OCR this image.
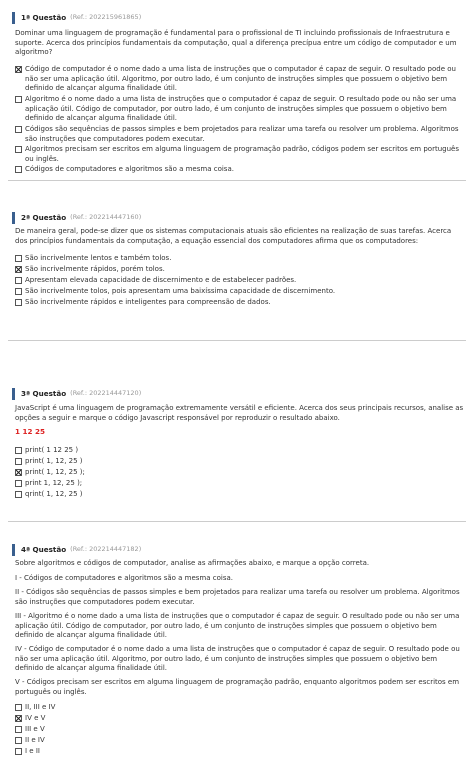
1ª Questão (Ref.: 202215961865)
Dominar uma linguagem de programação é fundamental para o profissional de TI incluindo profissionais de Infraestrutura e suporte. Acerca dos princípios fundamentais da computação, qual a diferença precípua entre um código de computador e um algoritmo?
Código de computador é o nome dado a uma lista de instruções que o computador é capaz de seguir. O resultado pode ou não ser uma aplicação útil. Algoritmo, por outro lado, é um conjunto de instruções simples que possuem o objetivo bem definido de alcançar alguma finalidade útil.
Algoritmo é o nome dado a uma lista de instruções que o computador é capaz de seguir. O resultado pode ou não ser uma aplicação útil. Código de computador, por outro lado, é um conjunto de instruções simples que possuem o objetivo bem definido de alcançar alguma finalidade útil.
Códigos são sequências de passos simples e bem projetados para realizar uma tarefa ou resolver um problema. Algoritmos são instruções que computadores podem executar.
Algoritmos precisam ser escritos em alguma linguagem de programação padrão, códigos podem ser escritos em português ou inglês.
Códigos de computadores e algoritmos são a mesma coisa.
2ª Questão (Ref.: 202214447160)
De maneira geral, pode-se dizer que os sistemas computacionais atuais são eficientes na realização de suas tarefas. Acerca dos princípios fundamentais da computação, a equação essencial dos computadores afirma que os computadores:
São incrivelmente lentos e também tolos.
São incrivelmente rápidos, porém tolos.
Apresentam elevada capacidade de discernimento e de estabelecer padrões.
São incrivelmente tolos, pois apresentam uma baixíssima capacidade de discernimento.
São incrivelmente rápidos e inteligentes para compreensão de dados.
3ª Questão (Ref.: 202214447120)
JavaScript é uma linguagem de programação extremamente versátil e eficiente. Acerca dos seus principais recursos, analise as opções a seguir e marque o código Javascript responsável por reproduzir o resultado abaixo.
1 12 25
print( 1 12 25 )
print( 1, 12, 25 )
print( 1, 12, 25 );
print 1, 12, 25 );
qrint( 1, 12, 25 )
4ª Questão (Ref.: 202214447182)
Sobre algoritmos e códigos de computador, analise as afirmações abaixo, e marque a opção correta.
I - Códigos de computadores e algoritmos são a mesma coisa.
II - Códigos são sequências de passos simples e bem projetados para realizar uma tarefa ou resolver um problema. Algoritmos são instruções que computadores podem executar.
III - Algoritmo é o nome dado a uma lista de instruções que o computador é capaz de seguir. O resultado pode ou não ser uma aplicação útil. Código de computador, por outro lado, é um conjunto de instruções simples que possuem o objetivo bem definido de alcançar alguma finalidade útil.
IV - Código de computador é o nome dado a uma lista de instruções que o computador é capaz de seguir. O resultado pode ou não ser uma aplicação útil. Algoritmo, por outro lado, é um conjunto de instruções simples que possuem o objetivo bem definido de alcançar alguma finalidade útil.
V - Códigos precisam ser escritos em alguma linguagem de programação padrão, enquanto algoritmos podem ser escritos em português ou inglês.
II, III e IV
IV e V
III e V
II e IV
I e II
